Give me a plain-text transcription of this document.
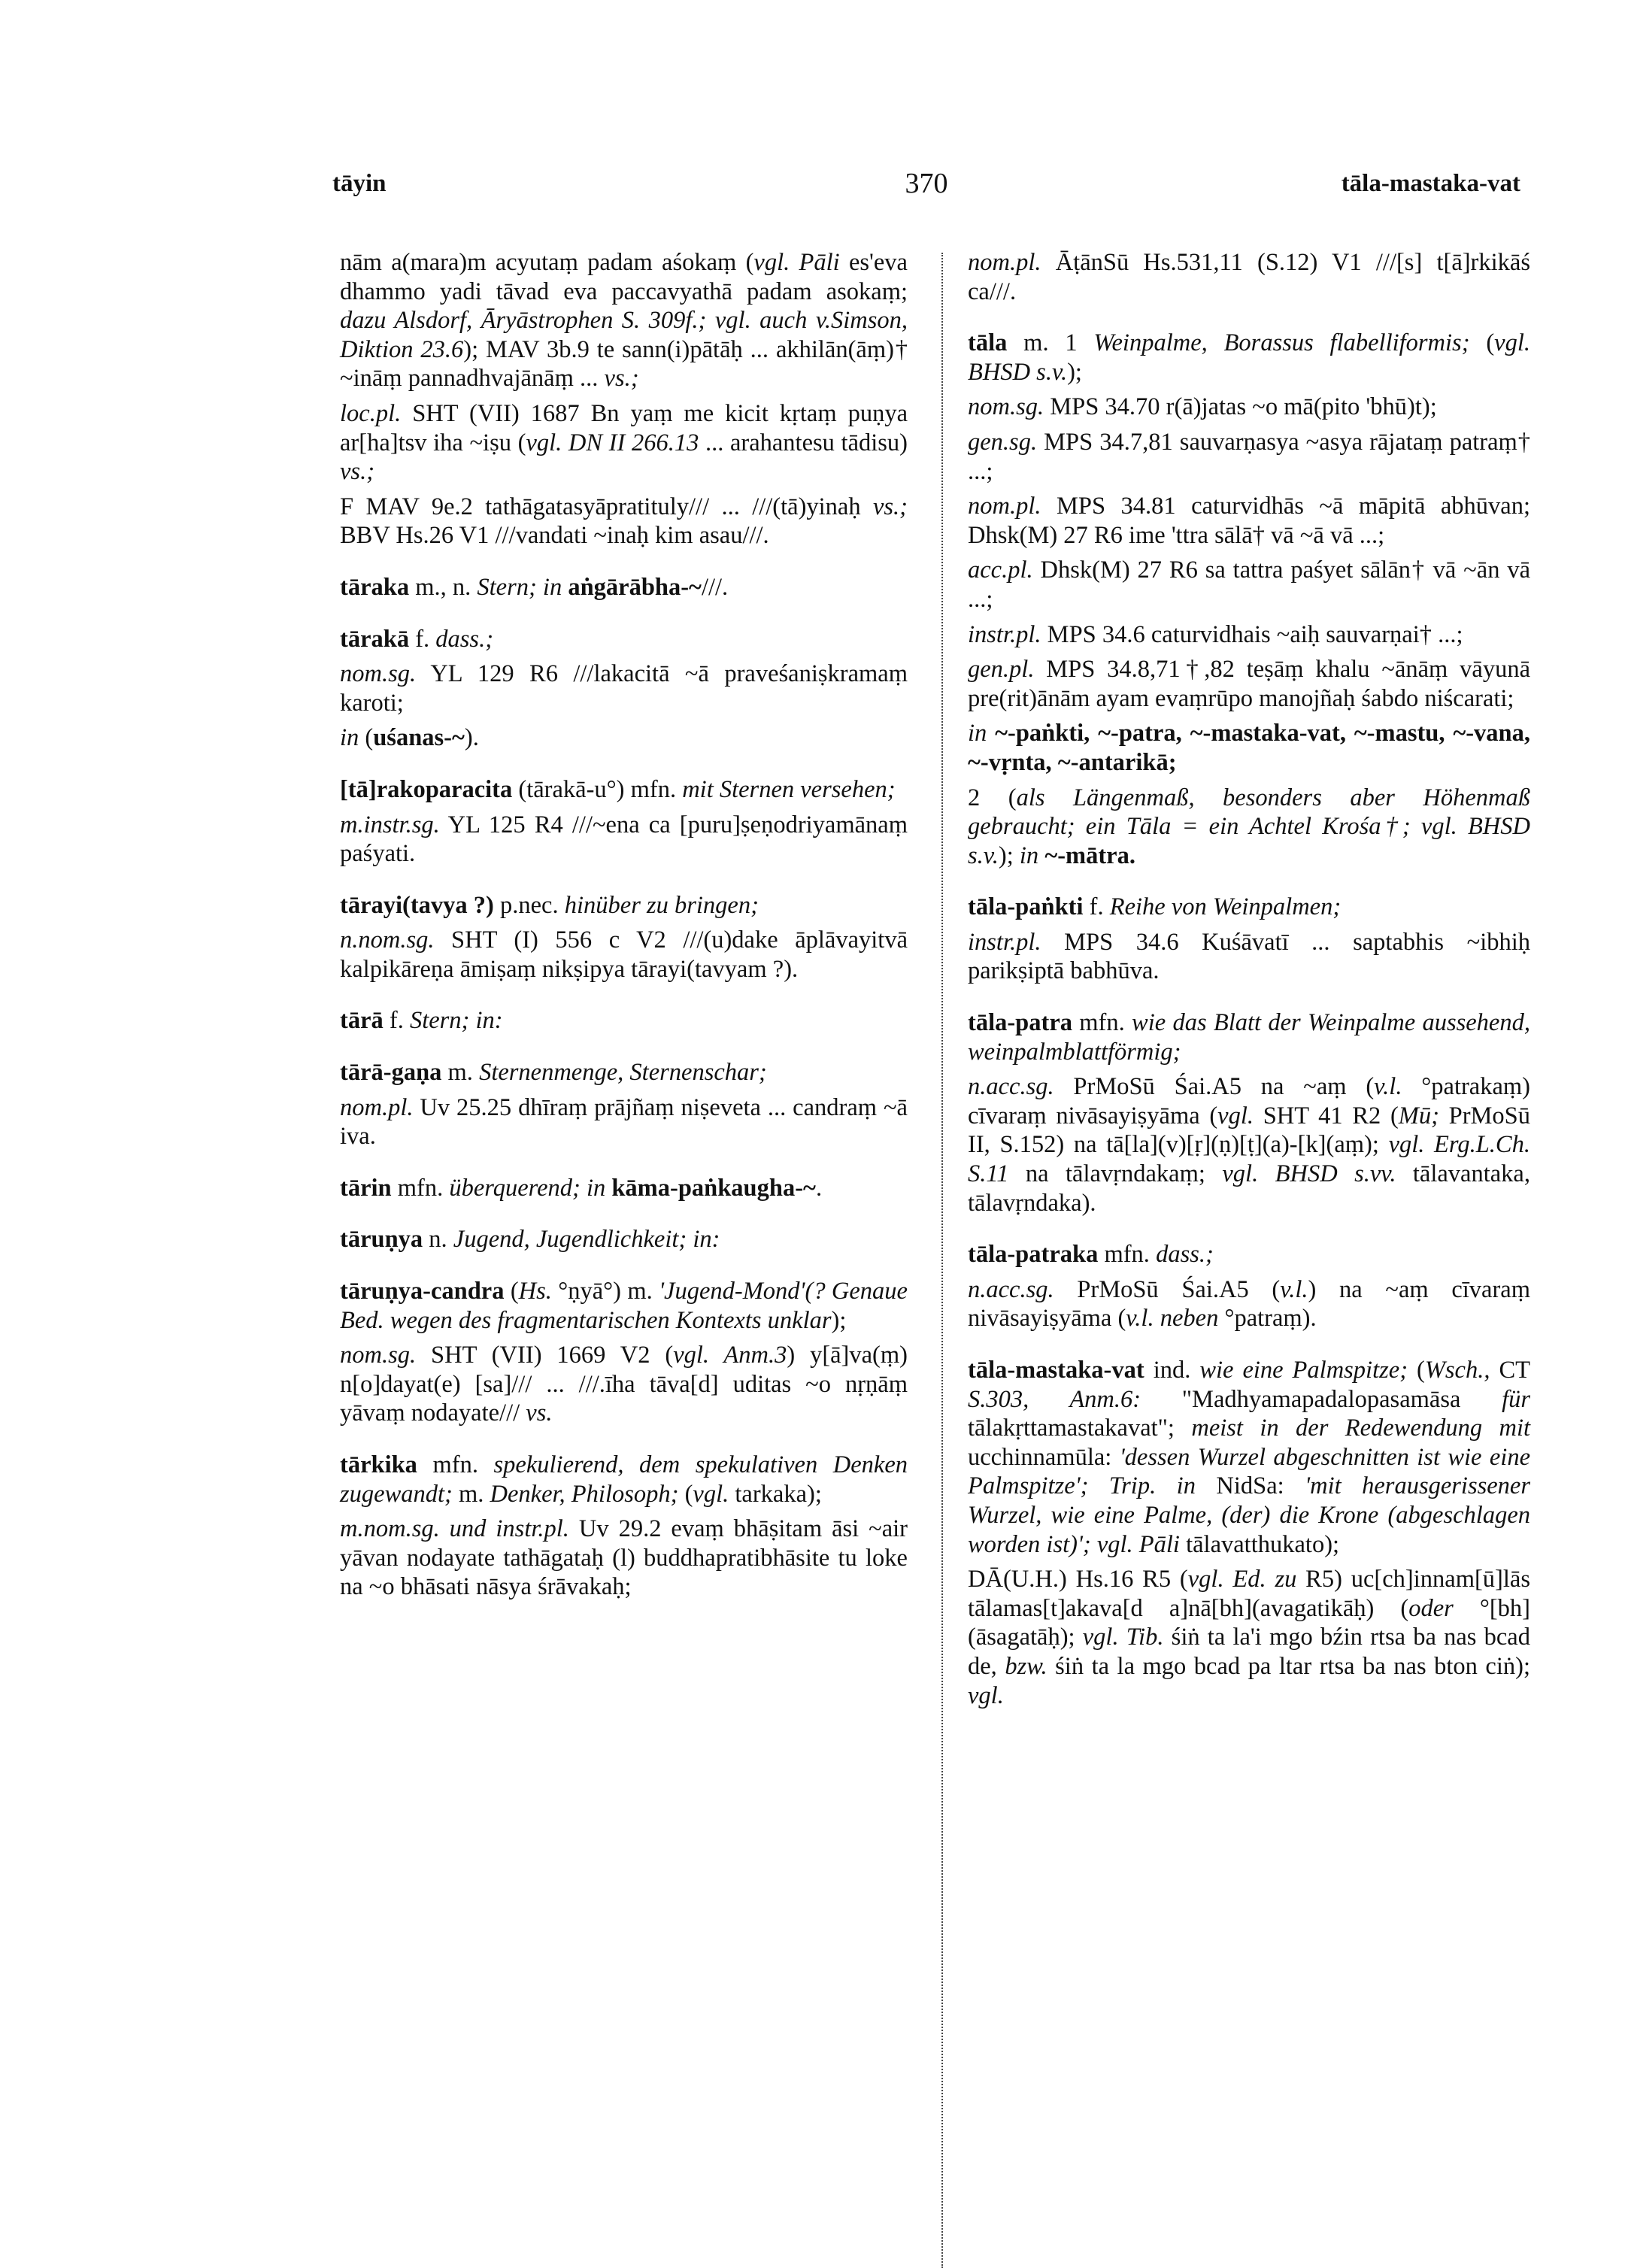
tāyin	370	tāla-mastaka-vat

nām a(mara)m acyutaṃ padam aśokaṃ (vgl. Pāli es'eva dhammo yadi tāvad eva paccavyathā padam asokaṃ; dazu Alsdorf, Āryāstrophen S. 309f.; vgl. auch v.Simson, Diktion 23.6); MAV 3b.9 te sann(i)pātāḥ ... akhilān(āṃ)† ~ināṃ pannadhvajānāṃ ... vs.;

loc.pl. SHT (VII) 1687 Bn yaṃ me kicit kṛtaṃ puṇya ar[ha]tsv iha ~iṣu (vgl. DN II 266.13 ... arahantesu tādisu) vs.;

F MAV 9e.2 tathāgatasyāpratituly/// ... ///(tā)yinaḥ vs.; BBV Hs.26 V1 ///vandati ~inaḥ kim asau///.

tāraka m., n. Stern; in aṅgārābha-~///.

tārakā f. dass.;

nom.sg. YL 129 R6 ///lakacitā ~ā praveśaniṣkramaṃ karoti;

in (uśanas-~).

[tā]rakoparacita (tārakā-u°) mfn. mit Sternen versehen;

m.instr.sg. YL 125 R4 ///~ena ca [puru]ṣeṇodriyamānaṃ paśyati.

tārayi(tavya ?) p.nec. hinüber zu bringen;

n.nom.sg. SHT (I) 556 c V2 ///(u)dake āplāvayitvā kalpikāreṇa āmiṣaṃ nikṣipya tārayi(tavyam ?).

tārā f. Stern; in:

tārā-gaṇa m. Sternenmenge, Sternenschar;

nom.pl. Uv 25.25 dhīraṃ prājñaṃ niṣeveta ... candraṃ ~ā iva.

tārin mfn. überquerend; in kāma-paṅkaugha-~.

tāruṇya n. Jugend, Jugendlichkeit; in:

tāruṇya-candra (Hs. °ṇyā°) m. 'Jugend-Mond'(? Genaue Bed. wegen des fragmentarischen Kontexts unklar);

nom.sg. SHT (VII) 1669 V2 (vgl. Anm.3) y[ā]va(ṃ) n[o]dayat(e) [sa]/// ... ///.īha tāva[d] uditas ~o nṛṇāṃ yāvaṃ nodayate/// vs.

tārkika mfn. spekulierend, dem spekulativen Denken zugewandt; m. Denker, Philosoph; (vgl. tarkaka);

m.nom.sg. und instr.pl. Uv 29.2 evaṃ bhāṣitam āsi ~air yāvan nodayate tathāgataḥ (l) buddhapratibhāsite tu loke na ~o bhāsati nāsya śrāvakaḥ;

nom.pl. ĀṭānSū Hs.531,11 (S.12) V1 ///[s] t[ā]rkikāś ca///.

tāla m. 1 Weinpalme, Borassus flabelliformis; (vgl. BHSD s.v.);

nom.sg. MPS 34.70 r(ā)jatas ~o mā(pito 'bhū)t);

gen.sg. MPS 34.7,81 sauvarṇasya ~asya rājataṃ patraṃ† ...;

nom.pl. MPS 34.81 caturvidhās ~ā māpitā abhūvan; Dhsk(M) 27 R6 ime 'ttra sālā† vā ~ā vā ...;

acc.pl. Dhsk(M) 27 R6 sa tattra paśyet sālān† vā ~ān vā ...;

instr.pl. MPS 34.6 caturvidhais ~aiḥ sauvarṇai† ...;

gen.pl. MPS 34.8,71†,82 teṣāṃ khalu ~ānāṃ vāyunā pre(rit)ānām ayam evaṃrūpo manojñaḥ śabdo niścarati;

in ~-paṅkti, ~-patra, ~-mastaka-vat, ~-mastu, ~-vana, ~-vṛnta, ~-antarikā;

2 (als Längenmaß, besonders aber Höhenmaß gebraucht; ein Tāla = ein Achtel Krośa†; vgl. BHSD s.v.); in ~-mātra.

tāla-paṅkti f. Reihe von Weinpalmen;

instr.pl. MPS 34.6 Kuśāvatī ... saptabhis ~ibhiḥ parikṣiptā babhūva.

tāla-patra mfn. wie das Blatt der Weinpalme aussehend, weinpalmblattförmig;

n.acc.sg. PrMoSū Śai.A5 na ~aṃ (v.l. °patrakaṃ) cīvaraṃ nivāsayiṣyāma (vgl. SHT 41 R2 (Mū; PrMoSū II, S.152) na tā[la](v)[ṛ](ṇ)[ṭ](a)-[k](aṃ); vgl. Erg.L.Ch. S.11 na tālavṛndakaṃ; vgl. BHSD s.vv. tālavantaka, tālavṛndaka).

tāla-patraka mfn. dass.;

n.acc.sg. PrMoSū Śai.A5 (v.l.) na ~aṃ cīvaraṃ nivāsayiṣyāma (v.l. neben °patraṃ).

tāla-mastaka-vat ind. wie eine Palmspitze; (Wsch., CT S.303, Anm.6: "Madhyamapadalopasamāsa für tālakṛttamastakavat"; meist in der Redewendung mit ucchinnamūla: 'dessen Wurzel abgeschnitten ist wie eine Palmspitze'; Trip. in NidSa: 'mit herausgerissener Wurzel, wie eine Palme, (der) die Krone (abgeschlagen worden ist)'; vgl. Pāli tālavatthukato);

DĀ(U.H.) Hs.16 R5 (vgl. Ed. zu R5) uc[ch]innam[ū]lās tālamas[t]akava[d a]nā[bh](avagatikāḥ) (oder °[bh](āsagatāḥ); vgl. Tib. śiṅ ta la'i mgo bźin rtsa ba nas bcad de, bzw. śiṅ ta la mgo bcad pa ltar rtsa ba nas bton ciṅ); vgl.
